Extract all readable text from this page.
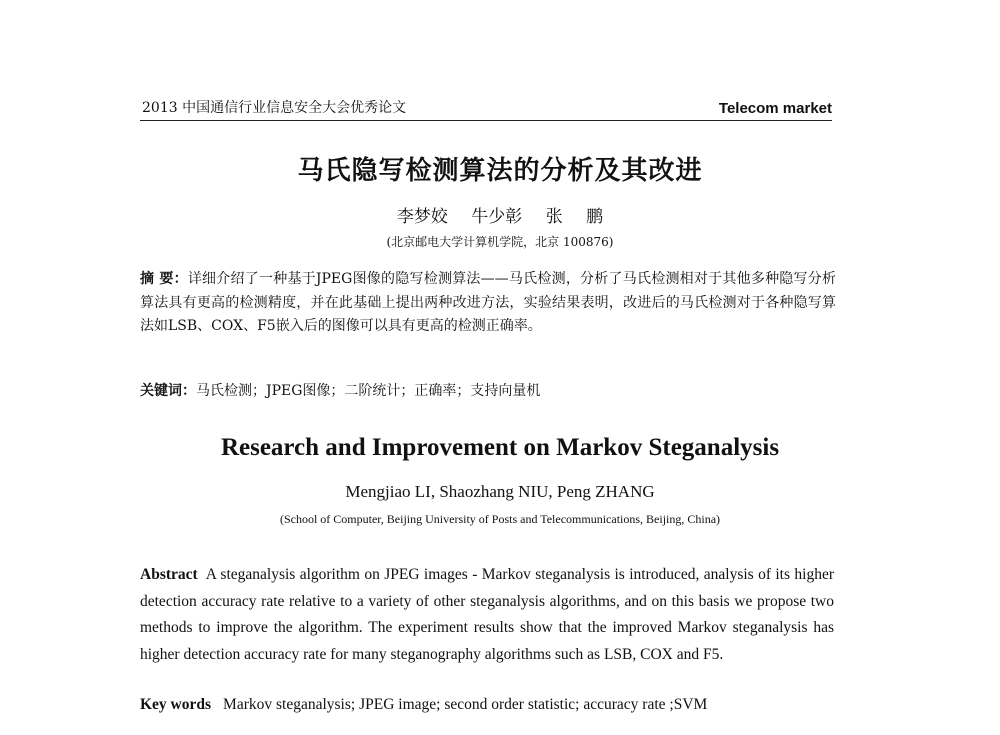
2013 中国通信行业信息安全大会优秀论文	Telecom market
马氏隐写检测算法的分析及其改进
李梦姣 牛少彰 张 鹏
(北京邮电大学计算机学院，北京 100876)
摘 要：详细介绍了一种基于JPEG图像的隐写检测算法——马氏检测，分析了马氏检测相对于其他多种隐写分析算法具有更高的检测精度，并在此基础上提出两种改进方法，实验结果表明，改进后的马氏检测对于各种隐写算法如LSB、COX、F5嵌入后的图像可以具有更高的检测正确率。
关键词：马氏检测；JPEG图像；二阶统计；正确率；支持向量机
Research and Improvement on Markov Steganalysis
Mengjiao LI, Shaozhang NIU, Peng ZHANG
(School of Computer, Beijing University of Posts and Telecommunications, Beijing, China)
Abstract A steganalysis algorithm on JPEG images - Markov steganalysis is introduced, analysis of its higher detection accuracy rate relative to a variety of other steganalysis algorithms, and on this basis we propose two methods to improve the algorithm. The experiment results show that the improved Markov steganalysis has higher detection accuracy rate for many steganography algorithms such as LSB, COX and F5.
Key words Markov steganalysis; JPEG image; second order statistic; accuracy rate ;SVM
